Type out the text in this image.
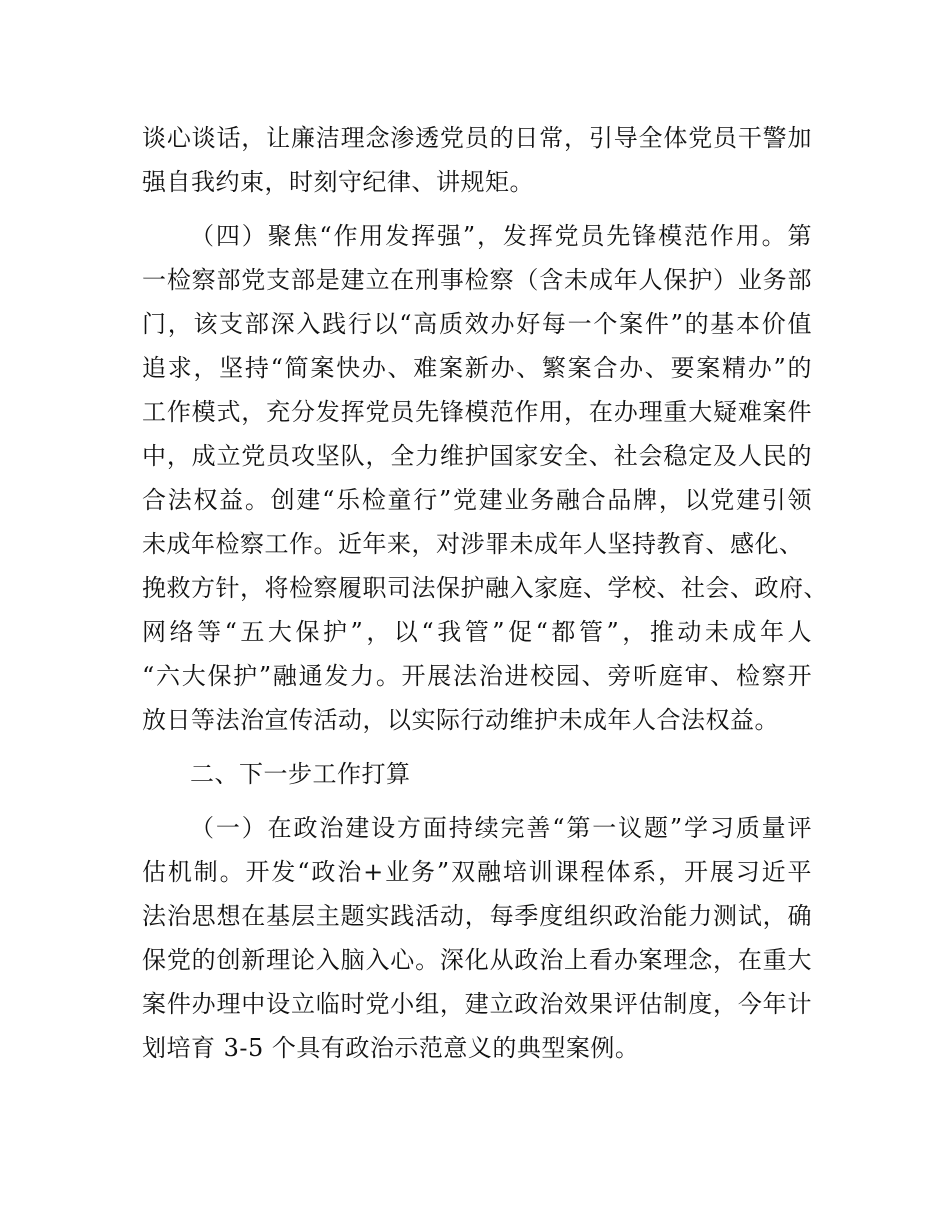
谈心谈话，让廉洁理念渗透党员的日常，引导全体党员干警加
强自我约束，时刻守纪律、讲规矩。
（四）聚焦“作用发挥强”，发挥党员先锋模范作用。第
一检察部党支部是建立在刑事检察（含未成年人保护）业务部
门，该支部深入践行以“高质效办好每一个案件”的基本价值
追求，坚持“简案快办、难案新办、繁案合办、要案精办”的
工作模式，充分发挥党员先锋模范作用，在办理重大疑难案件
中，成立党员攻坚队，全力维护国家安全、社会稳定及人民的
合法权益。创建“乐检童行”党建业务融合品牌，以党建引领
未成年检察工作。近年来，对涉罪未成年人坚持教育、感化、
挽救方针，将检察履职司法保护融入家庭、学校、社会、政府、
网络等“五大保护”，以“我管”促“都管”，推动未成年人
“六大保护”融通发力。开展法治进校园、旁听庭审、检察开
放日等法治宣传活动，以实际行动维护未成年人合法权益。
二、下一步工作打算
（一）在政治建设方面持续完善“第一议题”学习质量评
估机制。开发“政治+业务”双融培训课程体系，开展习近平
法治思想在基层主题实践活动，每季度组织政治能力测试，确
保党的创新理论入脑入心。深化从政治上看办案理念，在重大
案件办理中设立临时党小组，建立政治效果评估制度，今年计
划培育 3-5 个具有政治示范意义的典型案例。
